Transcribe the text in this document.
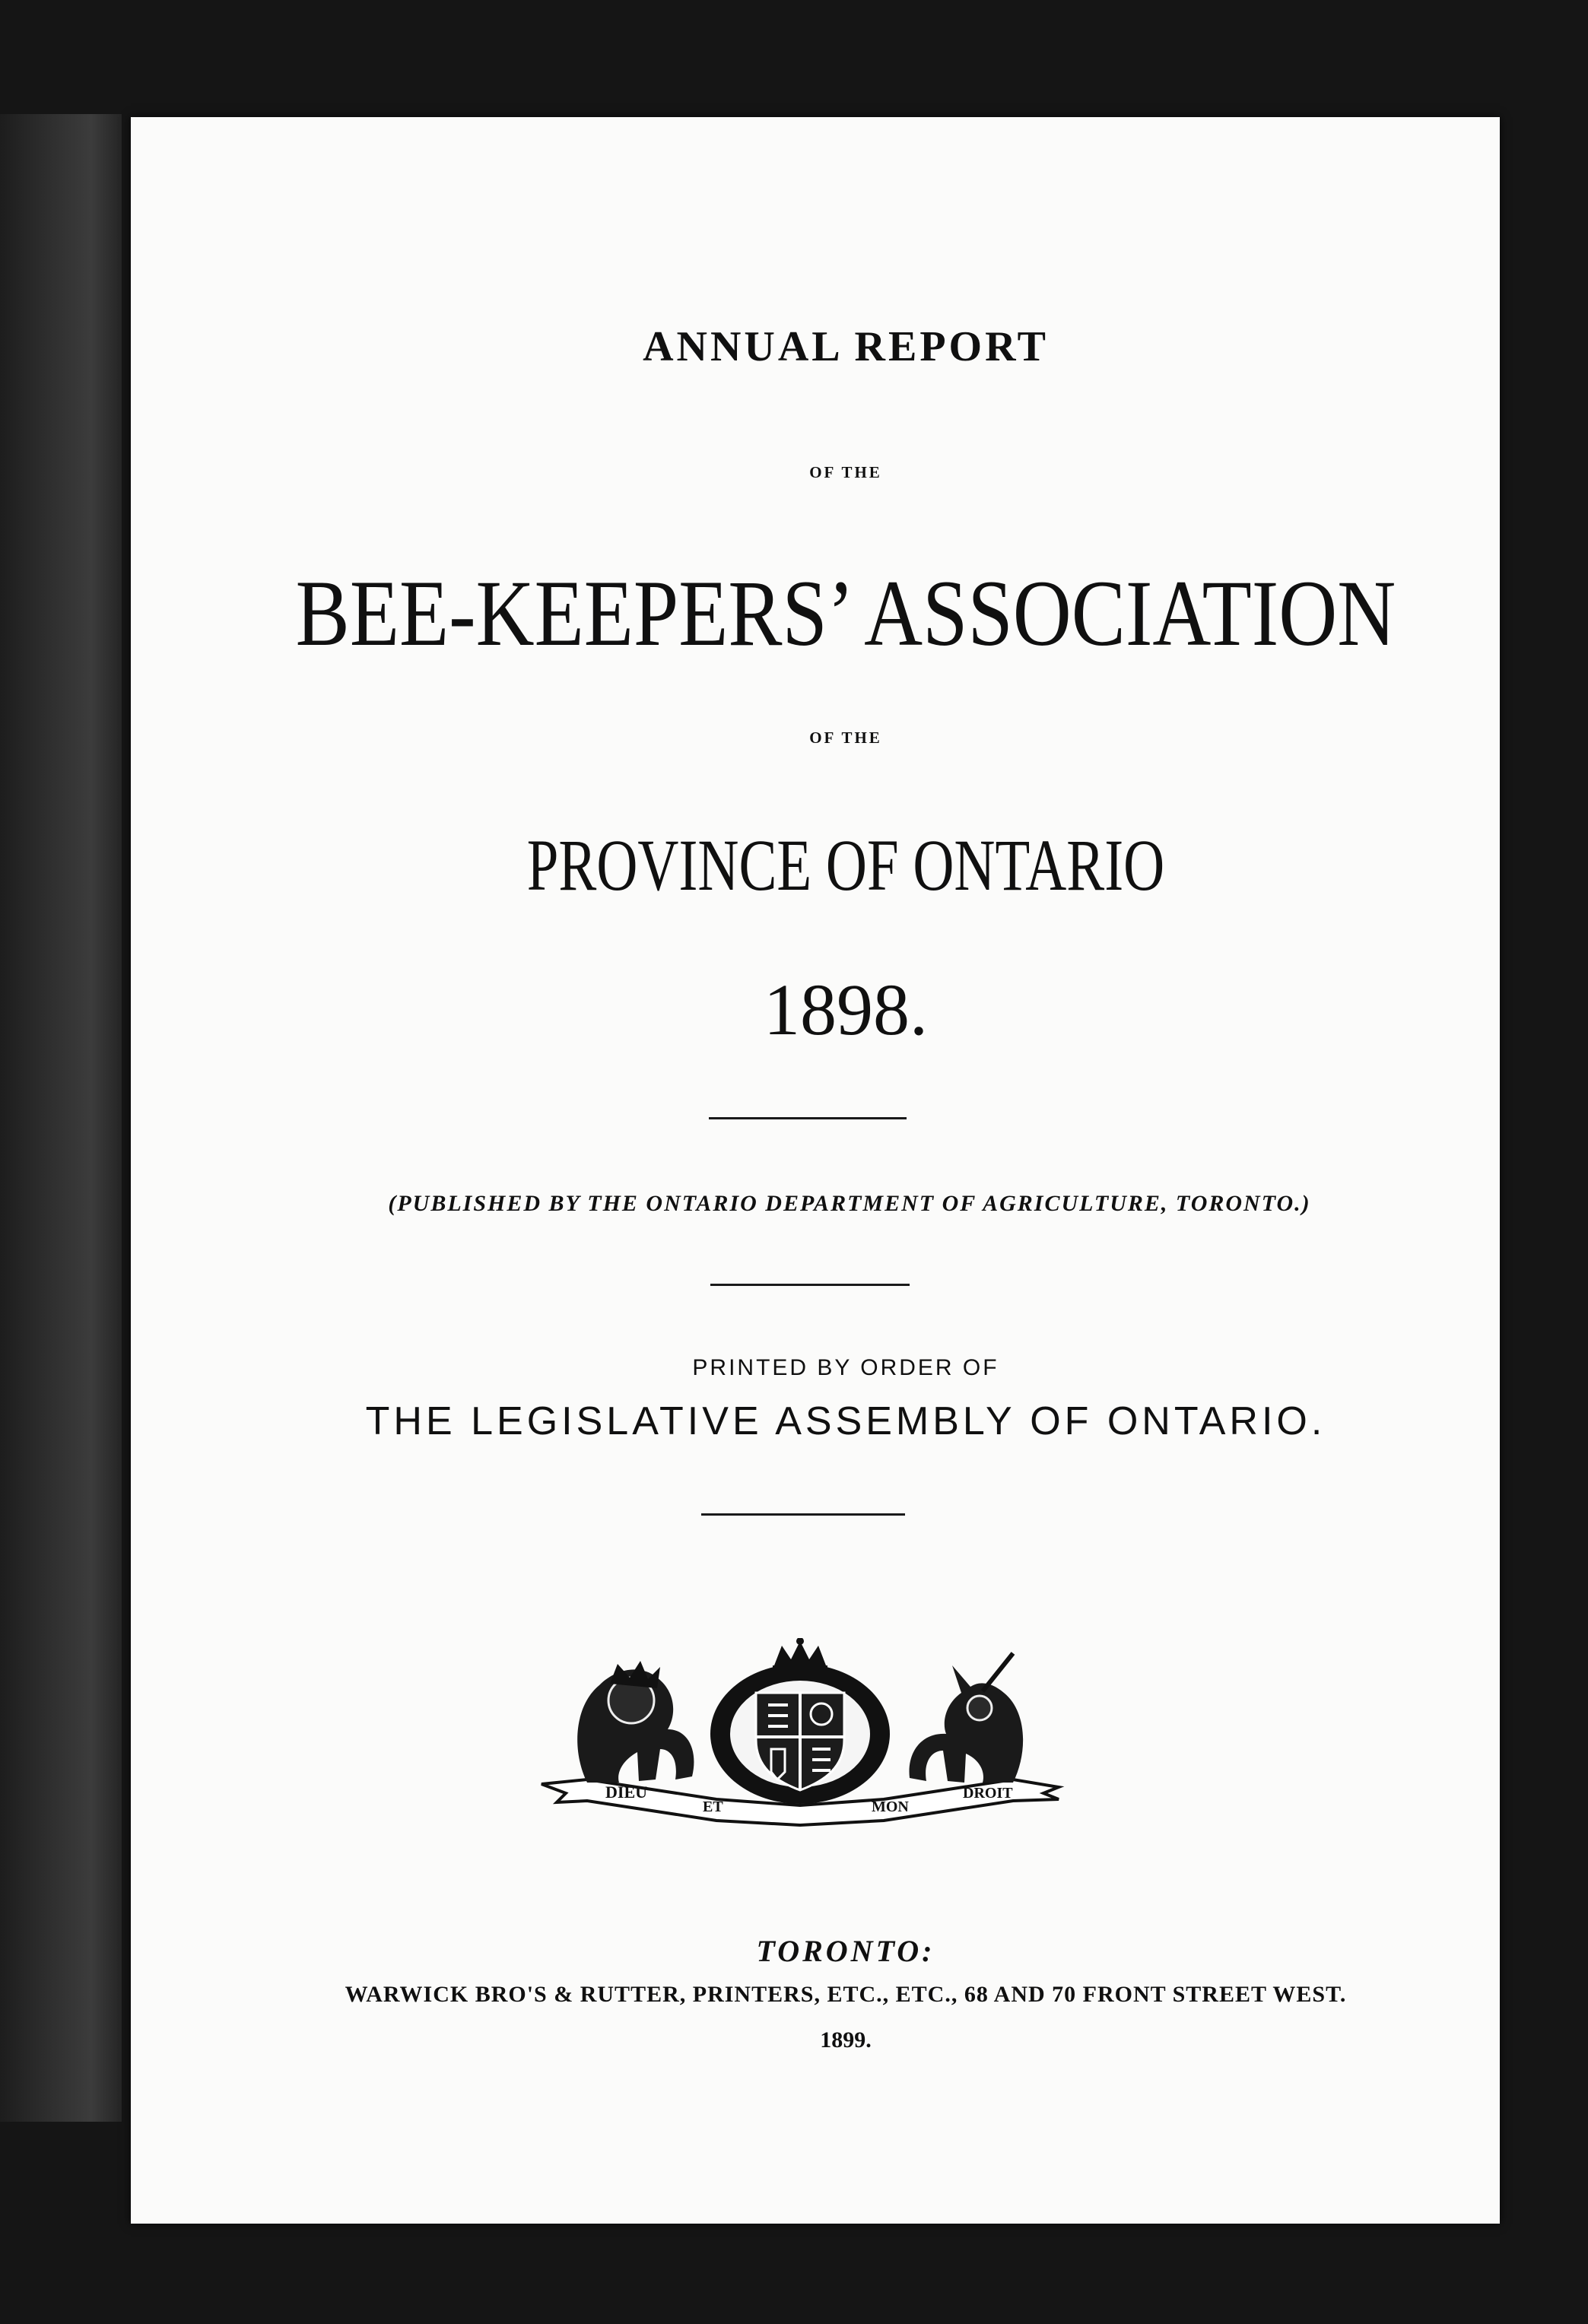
ANNUAL REPORT

OF THE

BEE-KEEPERS’ ASSOCIATION

OF THE

PROVINCE OF ONTARIO

1898.

(PUBLISHED BY THE ONTARIO DEPARTMENT OF AGRICULTURE, TORONTO.)

PRINTED BY ORDER OF

THE LEGISLATIVE ASSEMBLY OF ONTARIO.

DIEU
ET	MON
DROIT

TORONTO:

WARWICK BRO'S & RUTTER, PRINTERS, ETC., ETC., 68 AND 70 FRONT STREET WEST.

1899.
